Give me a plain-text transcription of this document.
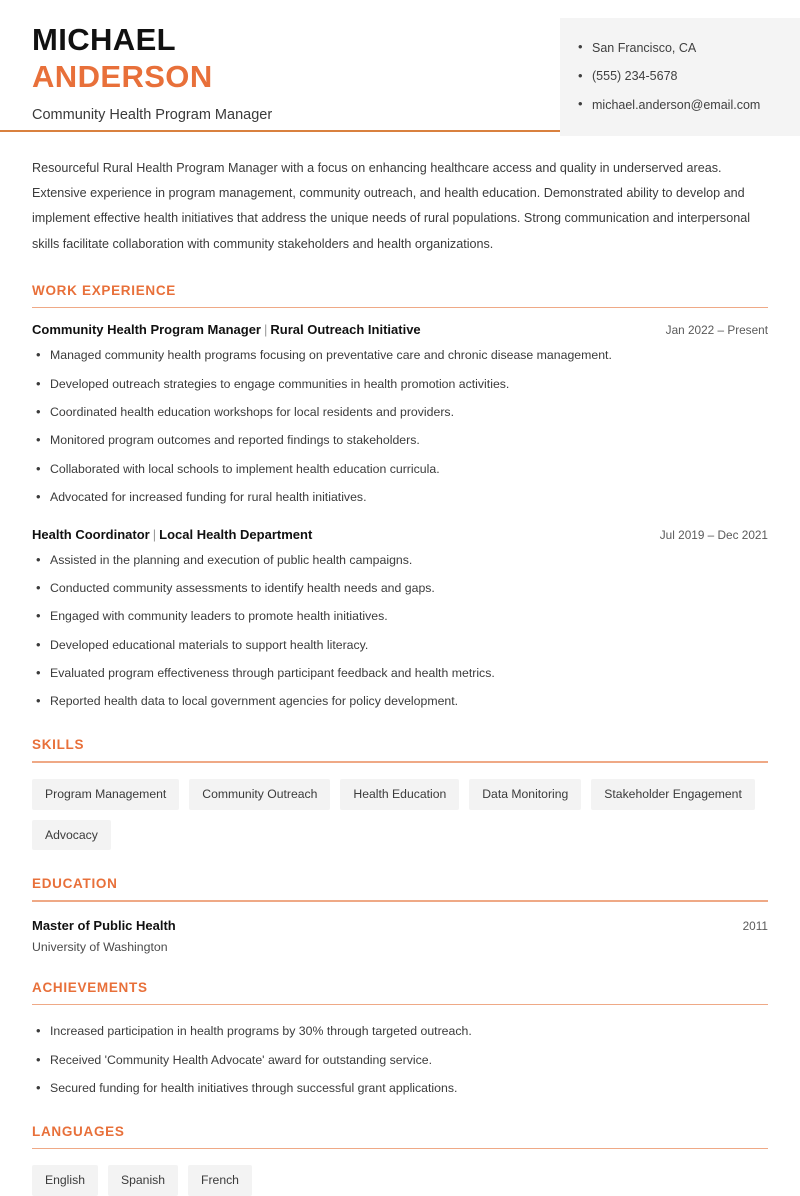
MICHAEL
ANDERSON
Community Health Program Manager
• San Francisco, CA
• (555) 234-5678
• michael.anderson@email.com

Resourceful Rural Health Program Manager with a focus on enhancing healthcare access and quality in underserved areas. Extensive experience in program management, community outreach, and health education. Demonstrated ability to develop and implement effective health initiatives that address the unique needs of rural populations. Strong communication and interpersonal skills facilitate collaboration with community stakeholders and health organizations.

WORK EXPERIENCE
Community Health Program Manager | Rural Outreach Initiative	Jan 2022 – Present
• Managed community health programs focusing on preventative care and chronic disease management.
• Developed outreach strategies to engage communities in health promotion activities.
• Coordinated health education workshops for local residents and providers.
• Monitored program outcomes and reported findings to stakeholders.
• Collaborated with local schools to implement health education curricula.
• Advocated for increased funding for rural health initiatives.
Health Coordinator | Local Health Department	Jul 2019 – Dec 2021
• Assisted in the planning and execution of public health campaigns.
• Conducted community assessments to identify health needs and gaps.
• Engaged with community leaders to promote health initiatives.
• Developed educational materials to support health literacy.
• Evaluated program effectiveness through participant feedback and health metrics.
• Reported health data to local government agencies for policy development.
SKILLS
Program Management	Community Outreach	Health Education	Data Monitoring	Stakeholder Engagement
Advocacy
EDUCATION
Master of Public Health	2011
University of Washington
ACHIEVEMENTS
• Increased participation in health programs by 30% through targeted outreach.
• Received 'Community Health Advocate' award for outstanding service.
• Secured funding for health initiatives through successful grant applications.
LANGUAGES
English	Spanish	French
